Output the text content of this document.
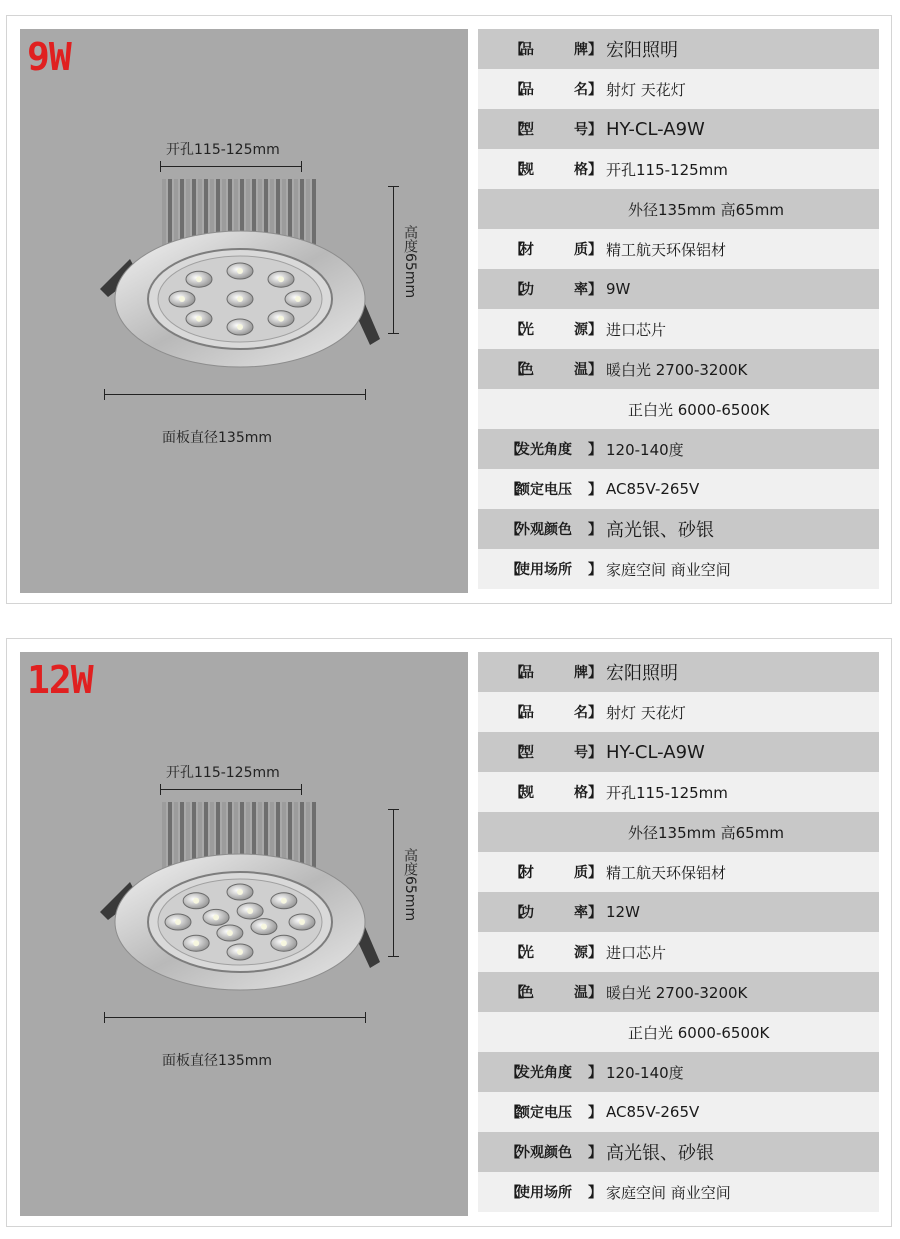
9W
开孔115-125mm
高度65mm
面板直径135mm
【
品	牌 】 宏阳照明
【
品	名 】 射灯 天花灯
【
型	号 】 HY-CL-A9W
【
规	格 】 开孔115-125mm
外径135mm 高65mm
【
材	质 】 精工航天环保铝材
【
功	率 】 9W
【
光	源 】 进口芯片
【
色	温 】 暖白光 2700-3200K
正白光 6000-6500K
【
发光角度 】 120-140度
【
额定电压 】 AC85V-265V
【
外观颜色 】 高光银、砂银
【
使用场所 】 家庭空间 商业空间
12W
开孔115-125mm
高度65mm
面板直径135mm
【
品	牌 】 宏阳照明
【
品	名 】 射灯 天花灯
【
型	号 】 HY-CL-A9W
【
规	格 】 开孔115-125mm
外径135mm 高65mm
【
材	质 】 精工航天环保铝材
【
功	率 】 12W
【
光	源 】 进口芯片
【
色	温 】 暖白光 2700-3200K
正白光 6000-6500K
【
发光角度 】 120-140度
【
额定电压 】 AC85V-265V
【
外观颜色 】 高光银、砂银
【
使用场所 】 家庭空间 商业空间
